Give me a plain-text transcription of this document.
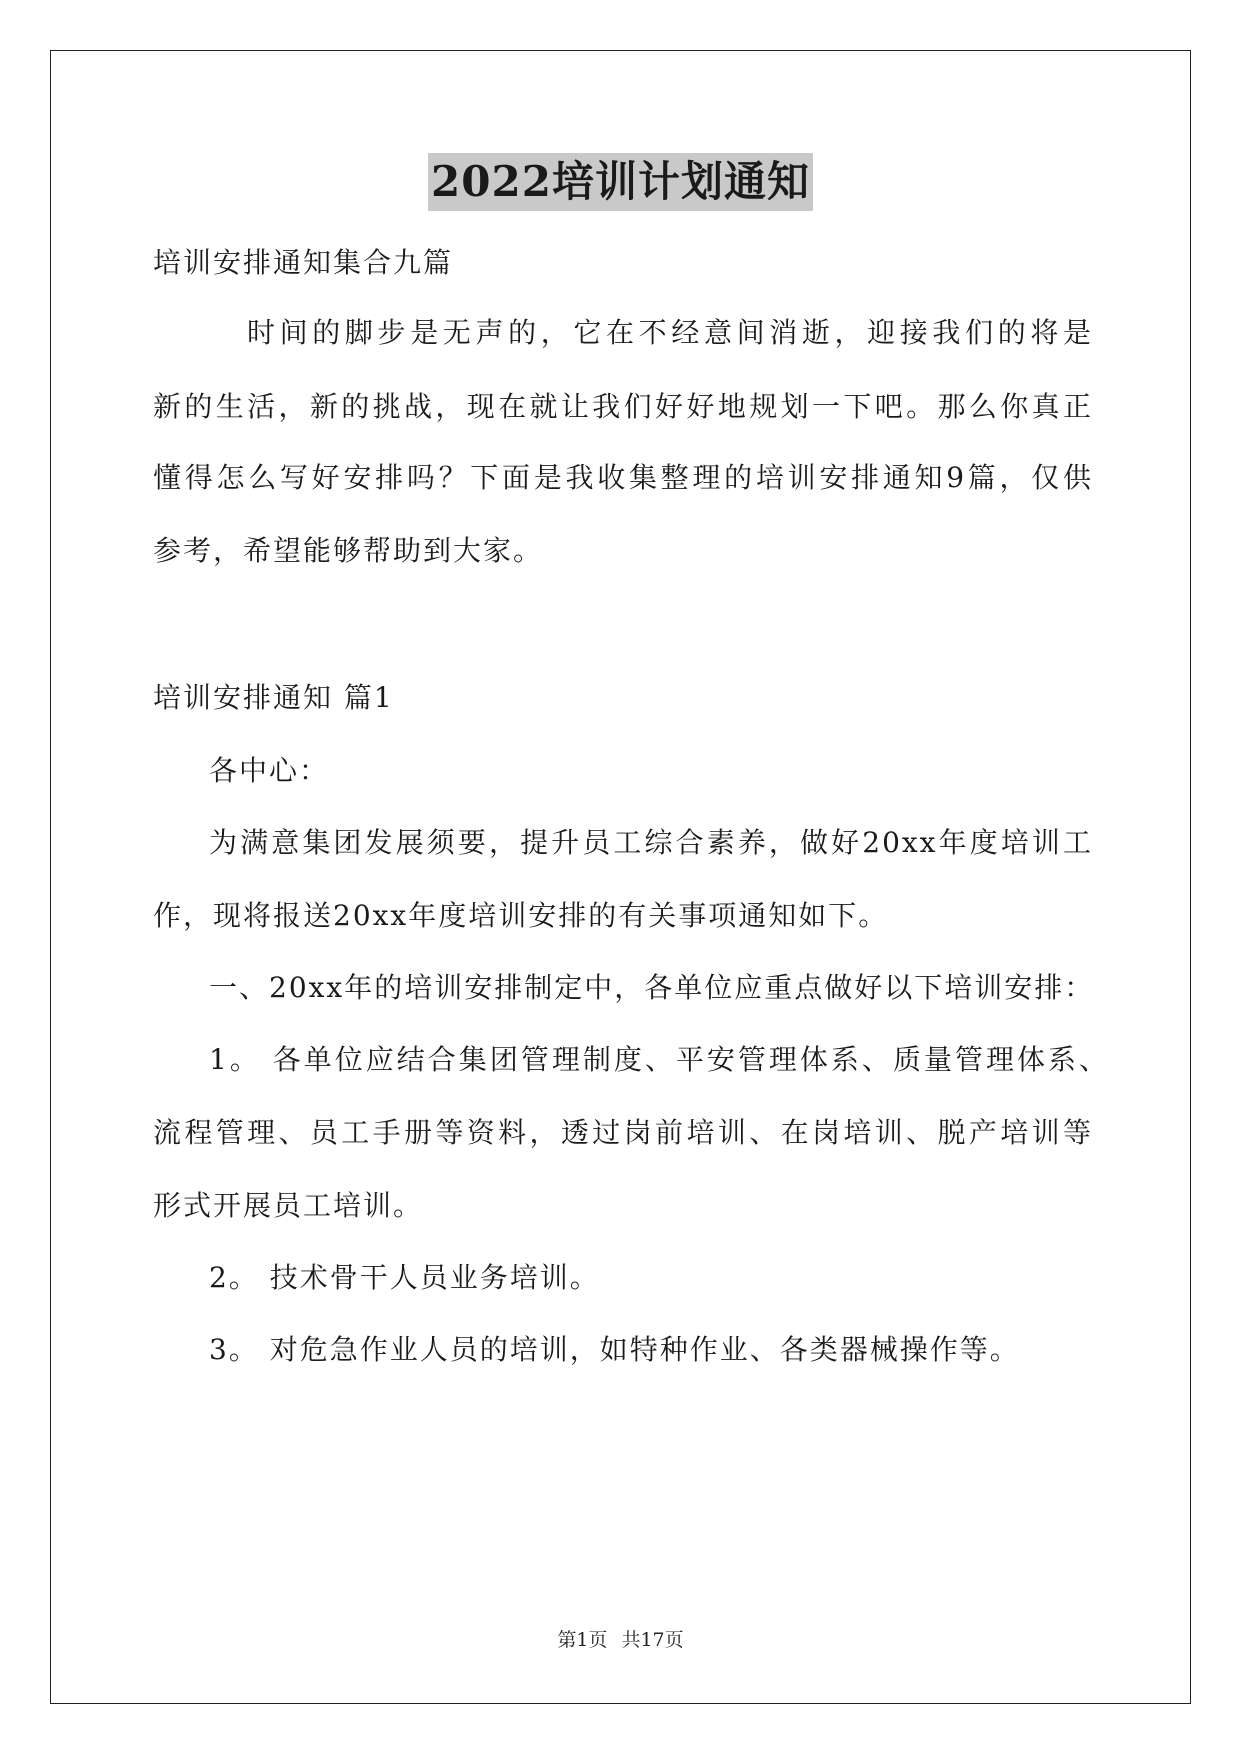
2022培训计划通知
培训安排通知集合九篇
时间的脚步是无声的，它在不经意间消逝，迎接我们的将是
新的生活，新的挑战，现在就让我们好好地规划一下吧。那么你真正
懂得怎么写好安排吗？下面是我收集整理的培训安排通知9篇，仅供
参考，希望能够帮助到大家。
培训安排通知 篇1
各中心：
为满意集团发展须要，提升员工综合素养，做好20xx年度培训工
作，现将报送20xx年度培训安排的有关事项通知如下。
一、20xx年的培训安排制定中，各单位应重点做好以下培训安排：
1。 各单位应结合集团管理制度、平安管理体系、质量管理体系、
流程管理、员工手册等资料，透过岗前培训、在岗培训、脱产培训等
形式开展员工培训。
2。 技术骨干人员业务培训。
3。 对危急作业人员的培训，如特种作业、各类器械操作等。
第1页 共17页
